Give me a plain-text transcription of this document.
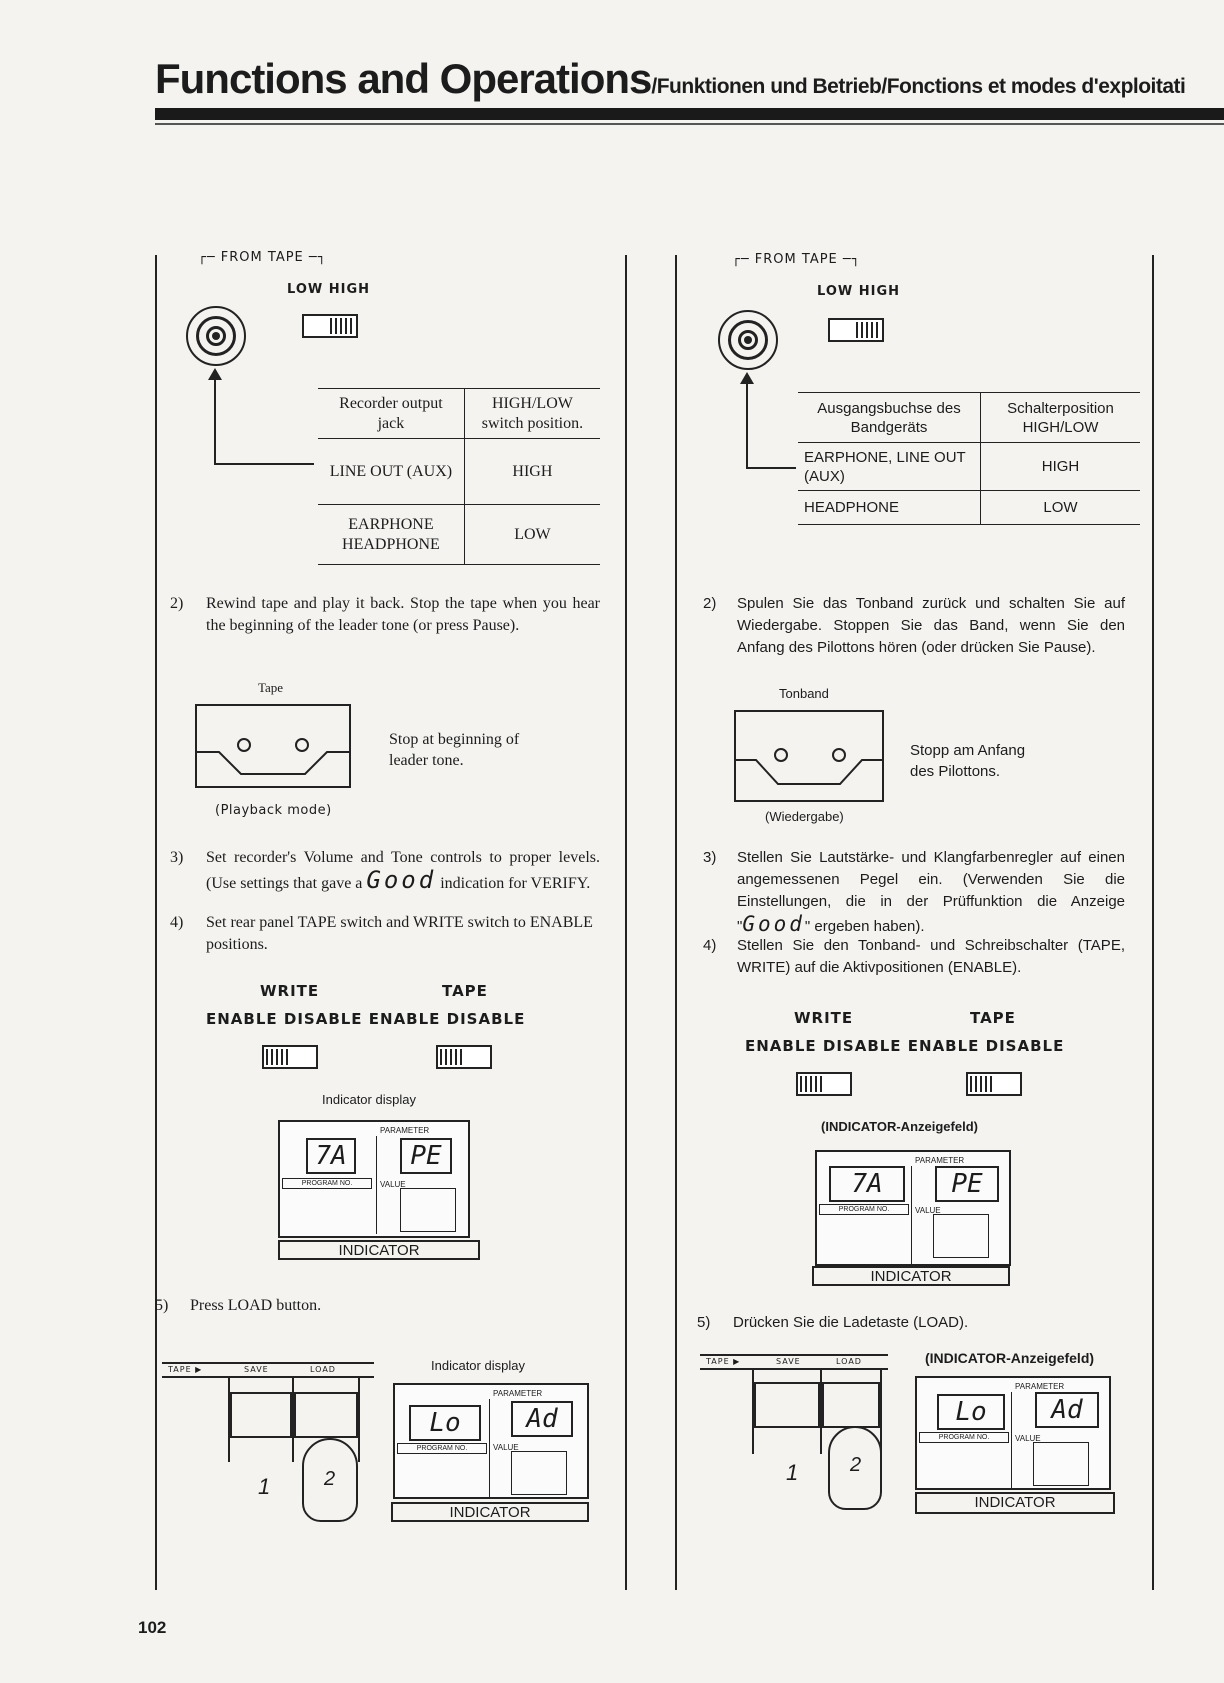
Functions and Operations/Funktionen und Betrieb/Fonctions et modes d'exploitati
┌─ FROM TAPE ─┐
LOW HIGH
Recorder output jack	HIGH/LOW switch position.
LINE OUT (AUX)	HIGH
EARPHONE HEADPHONE	LOW
2) Rewind tape and play it back. Stop the tape when you hear the beginning of the leader tone (or press Pause).
Tape
Stop at beginning of leader tone.
(Playback mode)
3) Set recorder's Volume and Tone controls to proper levels. (Use settings that gave a Good indication for VERIFY.
4) Set rear panel TAPE switch and WRITE switch to ENABLE positions.
WRITE	TAPE
ENABLE DISABLE ENABLE DISABLE
Indicator display
PARAMETER
7A	PE
PROGRAM NO.	VALUE
INDICATOR
5) Press LOAD button.
TAPE ▶	SAVE	LOAD
1	2
Indicator display
PARAMETER
Lo	Ad
PROGRAM NO.	VALUE
INDICATOR
┌─ FROM TAPE ─┐
LOW HIGH
Ausgangsbuchse des Bandgeräts	Schalterposition HIGH/LOW
EARPHONE, LINE OUT (AUX)	HIGH
HEADPHONE	LOW
2) Spulen Sie das Tonband zurück und schalten Sie auf Wiedergabe. Stoppen Sie das Band, wenn Sie den Anfang des Pilottons hören (oder drücken Sie Pause).
Tonband
Stopp am Anfang des Pilottons.
(Wiedergabe)
3) Stellen Sie Lautstärke- und Klangfarbenregler auf einen angemessenen Pegel ein. (Verwenden Sie die Einstellungen, die in der Prüffunktion die Anzeige "Good" ergeben haben).
4) Stellen Sie den Tonband- und Schreibschalter (TAPE, WRITE) auf die Aktivpositionen (ENABLE).
WRITE	TAPE
ENABLE DISABLE ENABLE DISABLE
(INDICATOR-Anzeigefeld)
PARAMETER
7A	PE
PROGRAM NO.	VALUE
INDICATOR
5) Drücken Sie die Ladetaste (LOAD).
TAPE ▶	SAVE	LOAD
1	2
(INDICATOR-Anzeigefeld)
PARAMETER
Lo	Ad
PROGRAM NO.	VALUE
INDICATOR
102
